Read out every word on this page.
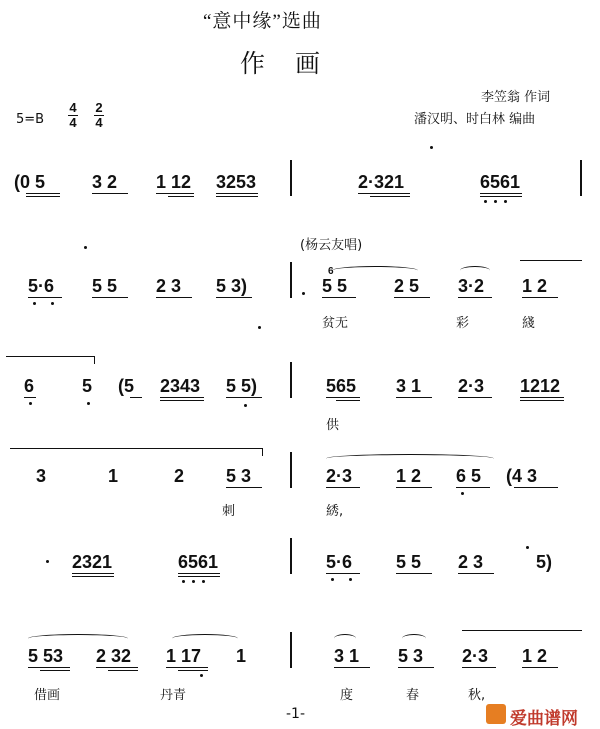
“意中缘”选曲
作画
李笠翁 作词
潘汉明、时白林 编曲
5=B
4
4
2
4
(0 5	3 2 1 12 3253	2·321	6561
(杨云友唱)
5·6 5 5 2 3 5 3)
6
5 5	2 5 3·2 1 2
贫无	彩	綫
6	5 (5 2343 5 5)	565 3 1 2·3 1212
供
3	1	2 5 3	2·3 1 2 6 5 (4 3
刺	綉,
2321	6561	5·6 5 5 2 3	5)
5 53 2 32 1 17 1	3 1 5 3 2·3 1 2
借画	丹青	度	春	秋,
-1-	爱曲谱网
